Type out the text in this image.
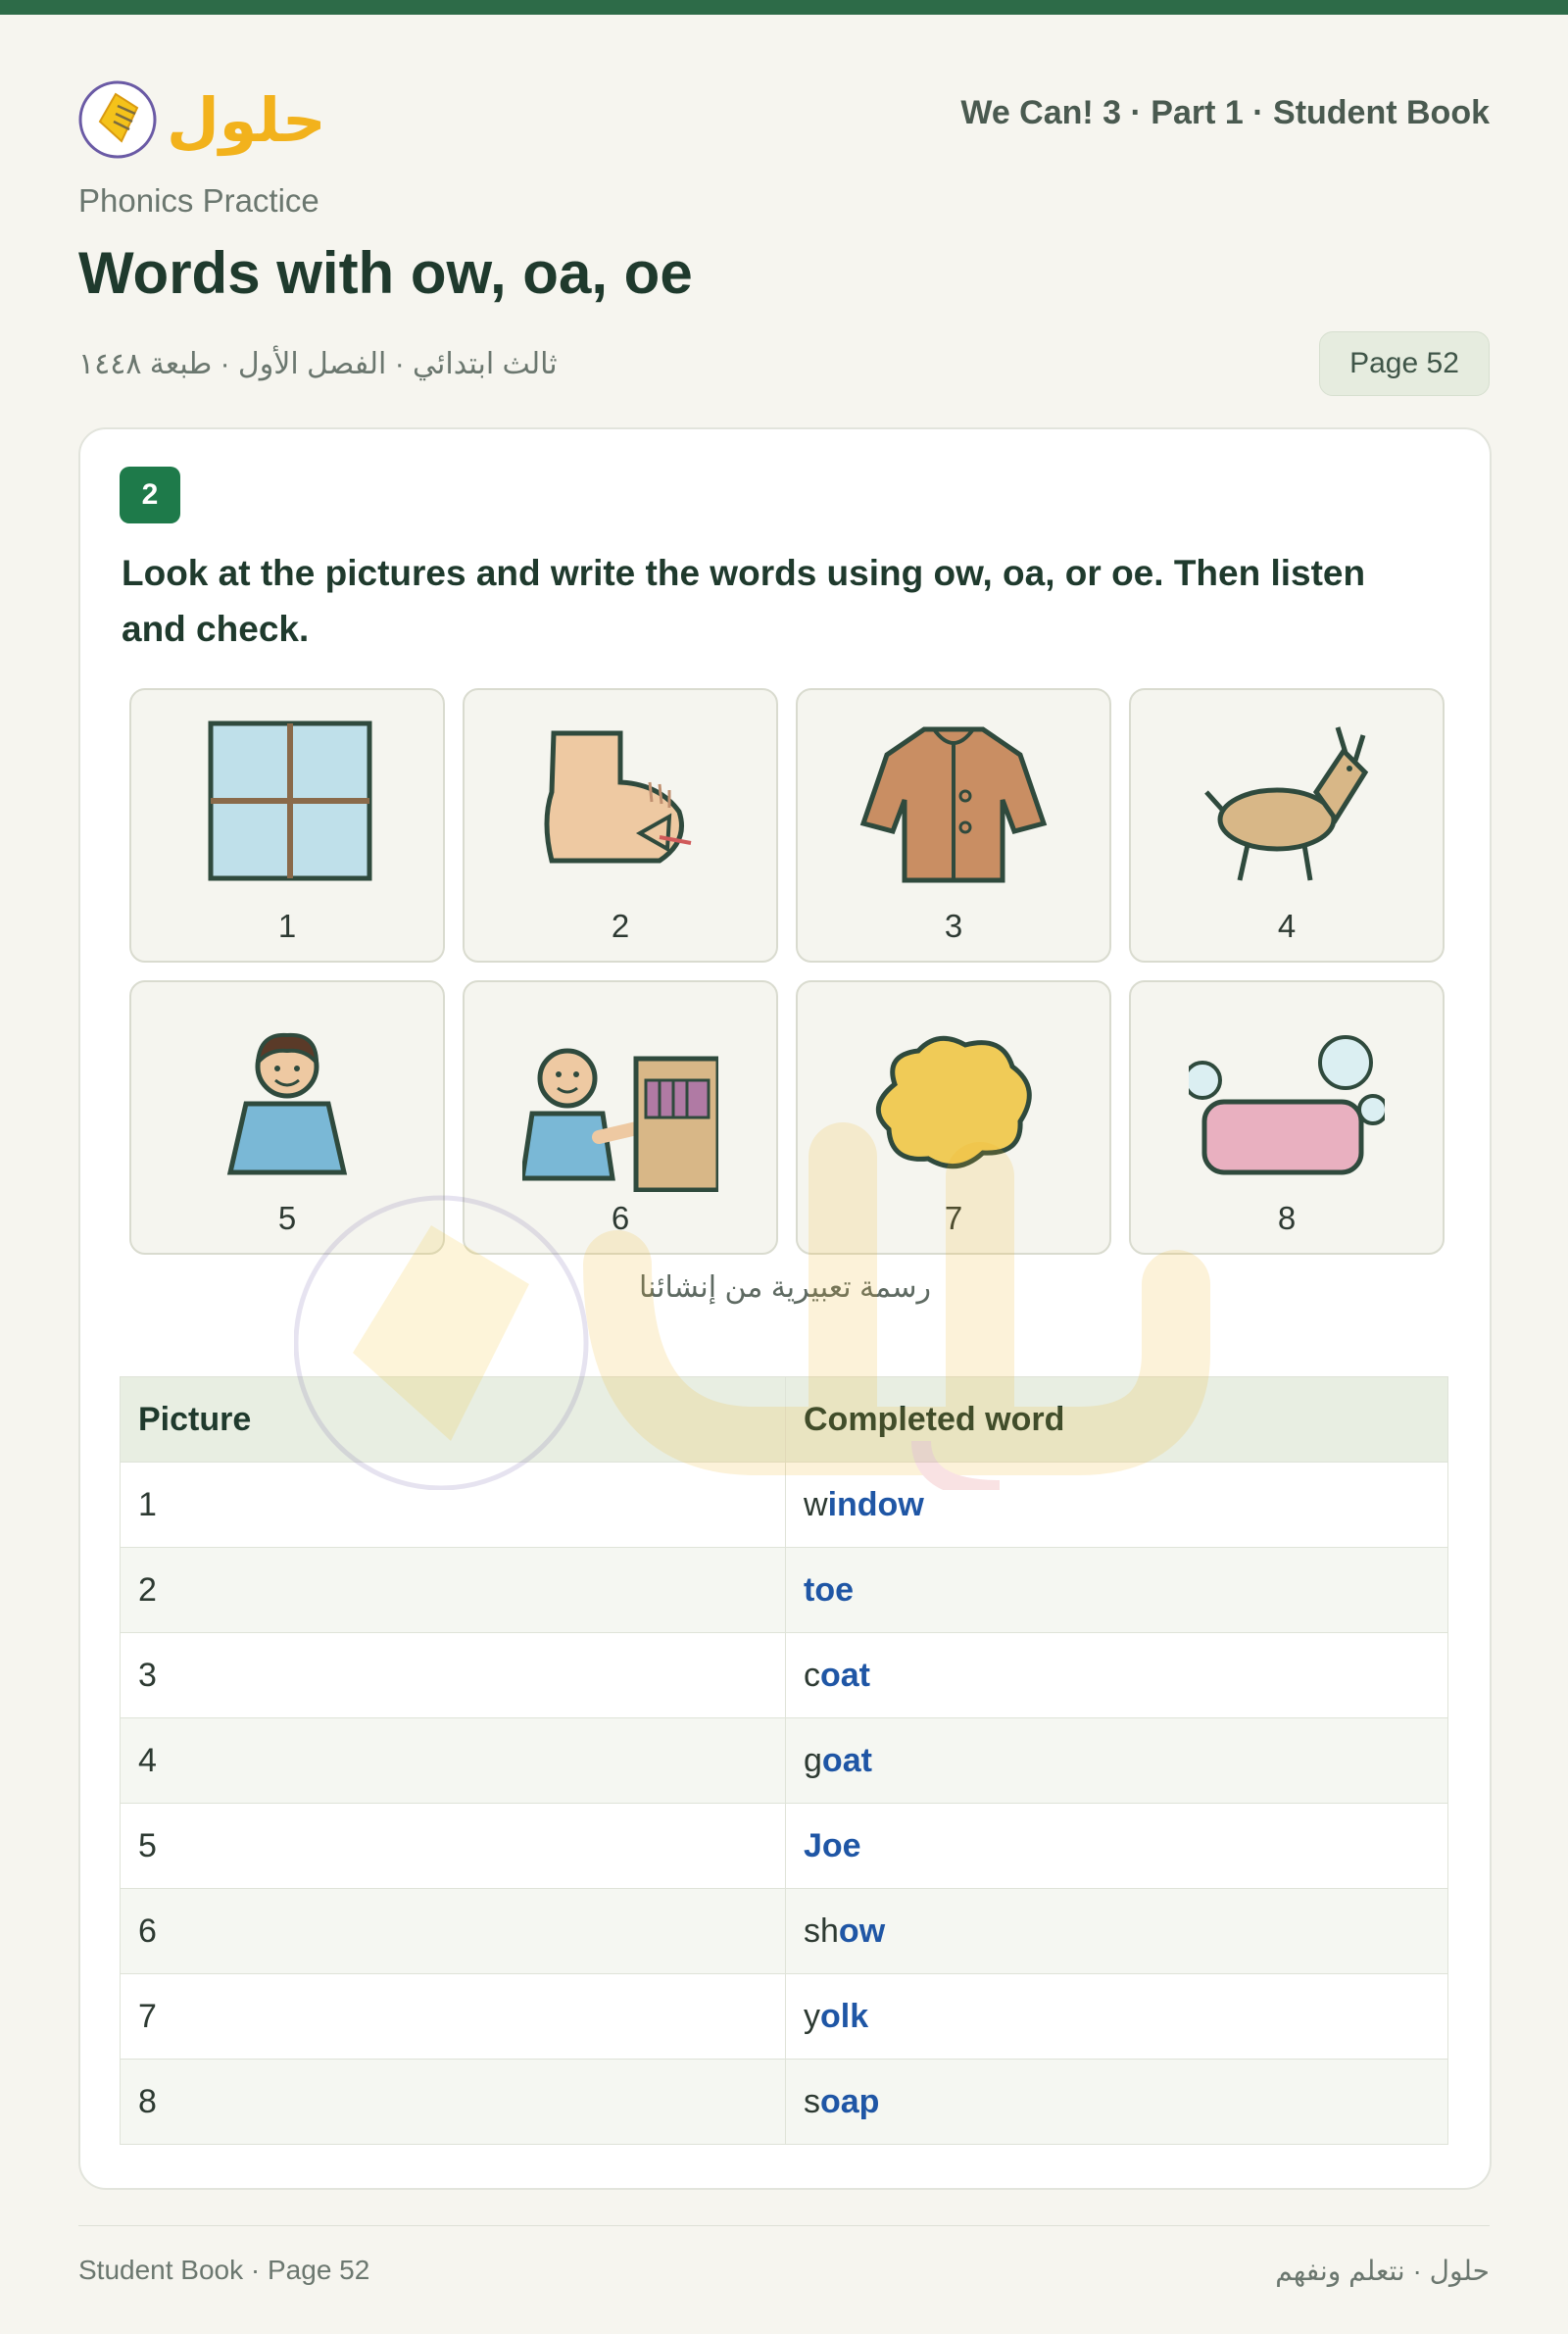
حلول	We Can! 3 · Part 1 · Student Book
Phonics Practice
Words with ow, oa, oe
ثالث ابتدائي · الفصل الأول · طبعة ١٤٤٨	Page 52
2

Look at the pictures and write the words using ow, oa, or oe. Then listen and check.

1	2	3	4
5	6	7	8
رسمة تعبيرية من إنشائنا
Picture	Completed word
1	window
2	toe
3	coat
4	goat
5	Joe
6	show
7	yolk
8	soap
Student Book · Page 52	حلول · نتعلم ونفهم
